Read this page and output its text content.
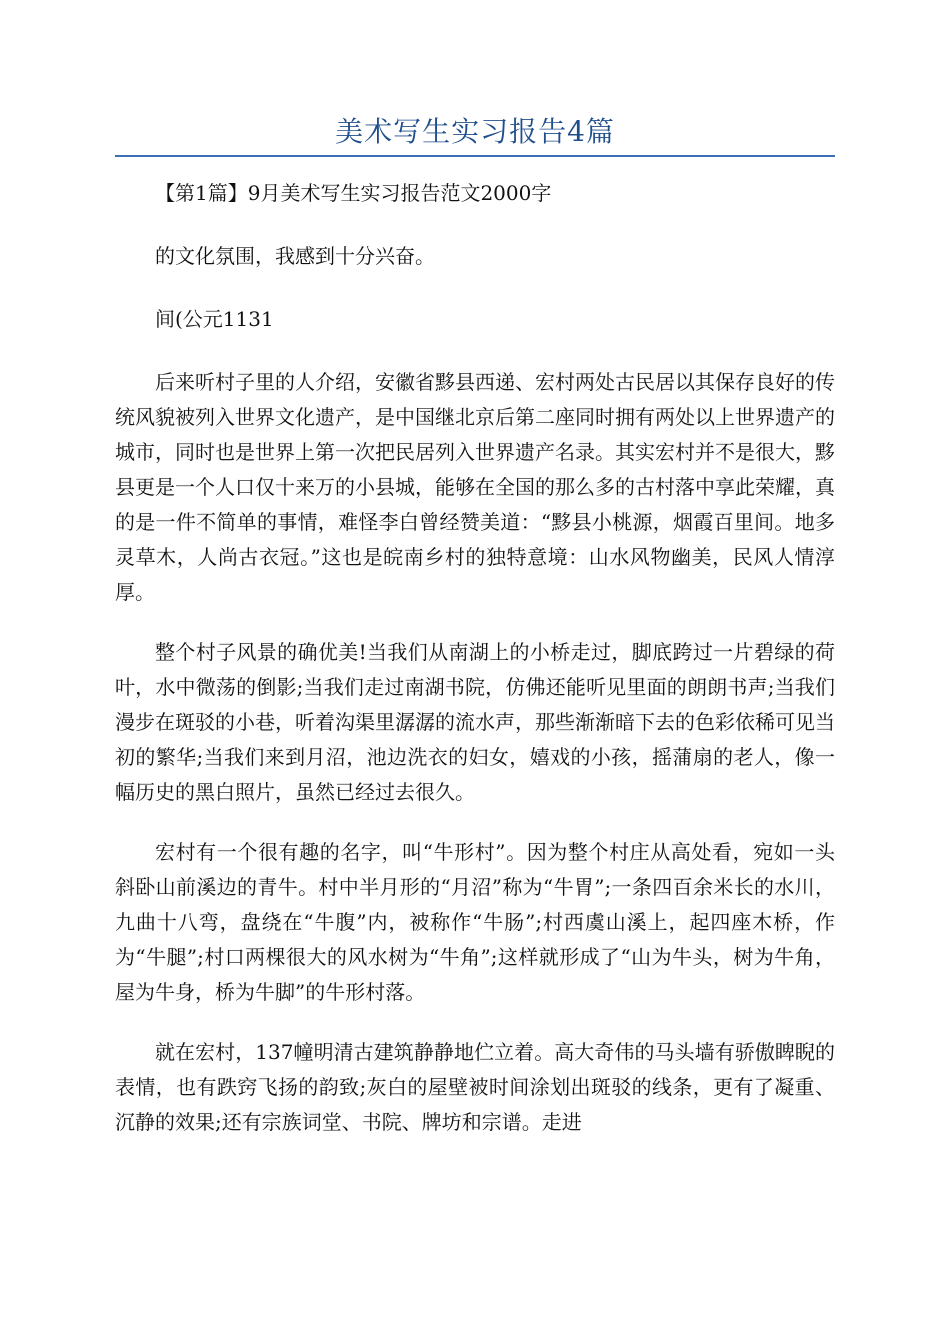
美术写生实习报告4篇

【第1篇】9月美术写生实习报告范文2000字

的文化氛围，我感到十分兴奋。

间(公元1131

后来听村子里的人介绍，安徽省黟县西递、宏村两处古民居以其保存良好的传统风貌被列入世界文化遗产，是中国继北京后第二座同时拥有两处以上世界遗产的城市，同时也是世界上第一次把民居列入世界遗产名录。其实宏村并不是很大，黟县更是一个人口仅十来万的小县城，能够在全国的那么多的古村落中享此荣耀，真的是一件不简单的事情，难怪李白曾经赞美道：“黟县小桃源，烟霞百里间。地多灵草木，人尚古衣冠。”这也是皖南乡村的独特意境：山水风物幽美，民风人情淳厚。

整个村子风景的确优美!当我们从南湖上的小桥走过，脚底跨过一片碧绿的荷叶，水中微荡的倒影;当我们走过南湖书院，仿佛还能听见里面的朗朗书声;当我们漫步在斑驳的小巷，听着沟渠里潺潺的流水声，那些渐渐暗下去的色彩依稀可见当初的繁华;当我们来到月沼，池边洗衣的妇女，嬉戏的小孩，摇蒲扇的老人，像一幅历史的黑白照片，虽然已经过去很久。

宏村有一个很有趣的名字，叫“牛形村”。因为整个村庄从高处看，宛如一头斜卧山前溪边的青牛。村中半月形的“月沼”称为“牛胃”;一条四百余米长的水川，九曲十八弯，盘绕在“牛腹”内，被称作“牛肠”;村西虞山溪上，起四座木桥，作为“牛腿”;村口两棵很大的风水树为“牛角”;这样就形成了“山为牛头，树为牛角，屋为牛身，桥为牛脚”的牛形村落。

就在宏村，137幢明清古建筑静静地伫立着。高大奇伟的马头墙有骄傲睥睨的表情，也有跌窍飞扬的韵致;灰白的屋壁被时间涂划出斑驳的线条，更有了凝重、沉静的效果;还有宗族词堂、书院、牌坊和宗谱。走进
